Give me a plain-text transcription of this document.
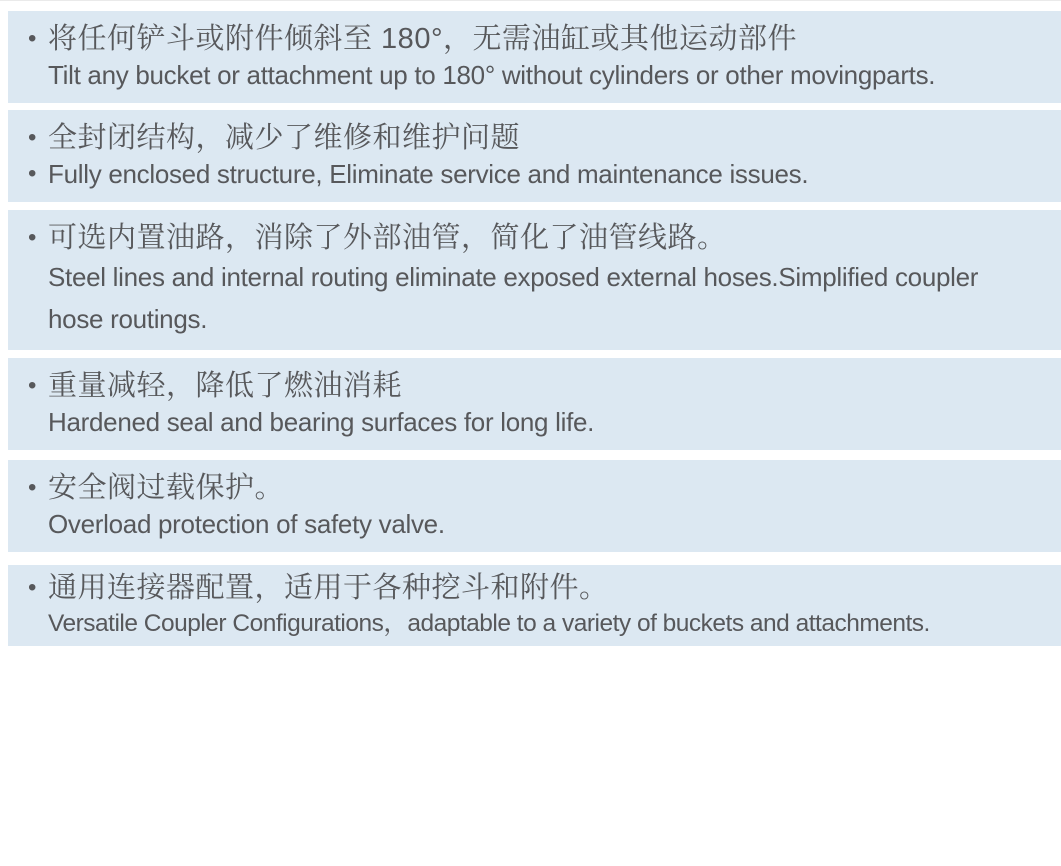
• 将任何铲斗或附件倾斜至 180°，无需油缸或其他运动部件
Tilt any bucket or attachment up to 180° without cylinders or other movingparts.
• 全封闭结构，减少了维修和维护问题
• Fully enclosed structure, Eliminate service and maintenance issues.
• 可选内置油路，消除了外部油管，简化了油管线路。
Steel lines and internal routing eliminate exposed external hoses.Simplified coupler hose routings.
• 重量减轻，降低了燃油消耗
Hardened seal and bearing surfaces for long life.
• 安全阀过载保护。
Overload protection of safety valve.
• 通用连接器配置，适用于各种挖斗和附件。
Versatile Coupler Configurations，adaptable to a variety of buckets and attachments.
